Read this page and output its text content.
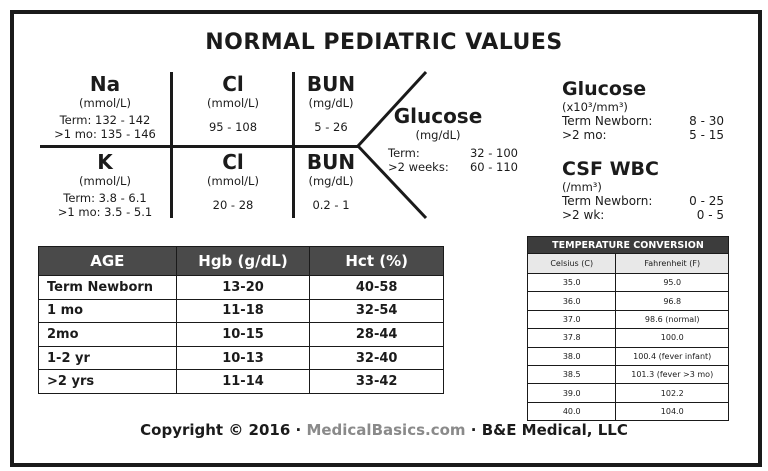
NORMAL PEDIATRIC VALUES
Na
(mmol/L)
Term: 132 - 142
>1 mo: 135 - 146
Cl
(mmol/L)
95 - 108
BUN
(mg/dL)
5 - 26
K
(mmol/L)
Term: 3.8 - 6.1
>1 mo: 3.5 - 5.1
Cl
(mmol/L)
20 - 28
BUN
(mg/dL)
0.2 - 1
Glucose
(mg/dL)
Term:	32 - 100
>2 weeks: 60 - 110
Glucose
(x10³/mm³)
Term Newborn:	8 - 30
>2 mo:	5 - 15
CSF WBC
(/mm³)
Term Newborn:	0 - 25
>2 wk:	0 - 5
AGE	Hgb (g/dL)	Hct (%)
Term Newborn	13-20	40-58
1 mo	11-18	32-54
2mo	10-15	28-44
1-2 yr	10-13	32-40
>2 yrs	11-14	33-42
TEMPERATURE CONVERSION	
Celsius (C)	Fahrenheit (F)
35.0	95.0
36.0	96.8
37.0	98.6 (normal)
37.8	100.0
38.0	100.4 (fever infant)
38.5	101.3 (fever >3 mo)
39.0	102.2
40.0	104.0
Copyright © 2016 · MedicalBasics.com · B&E Medical, LLC
